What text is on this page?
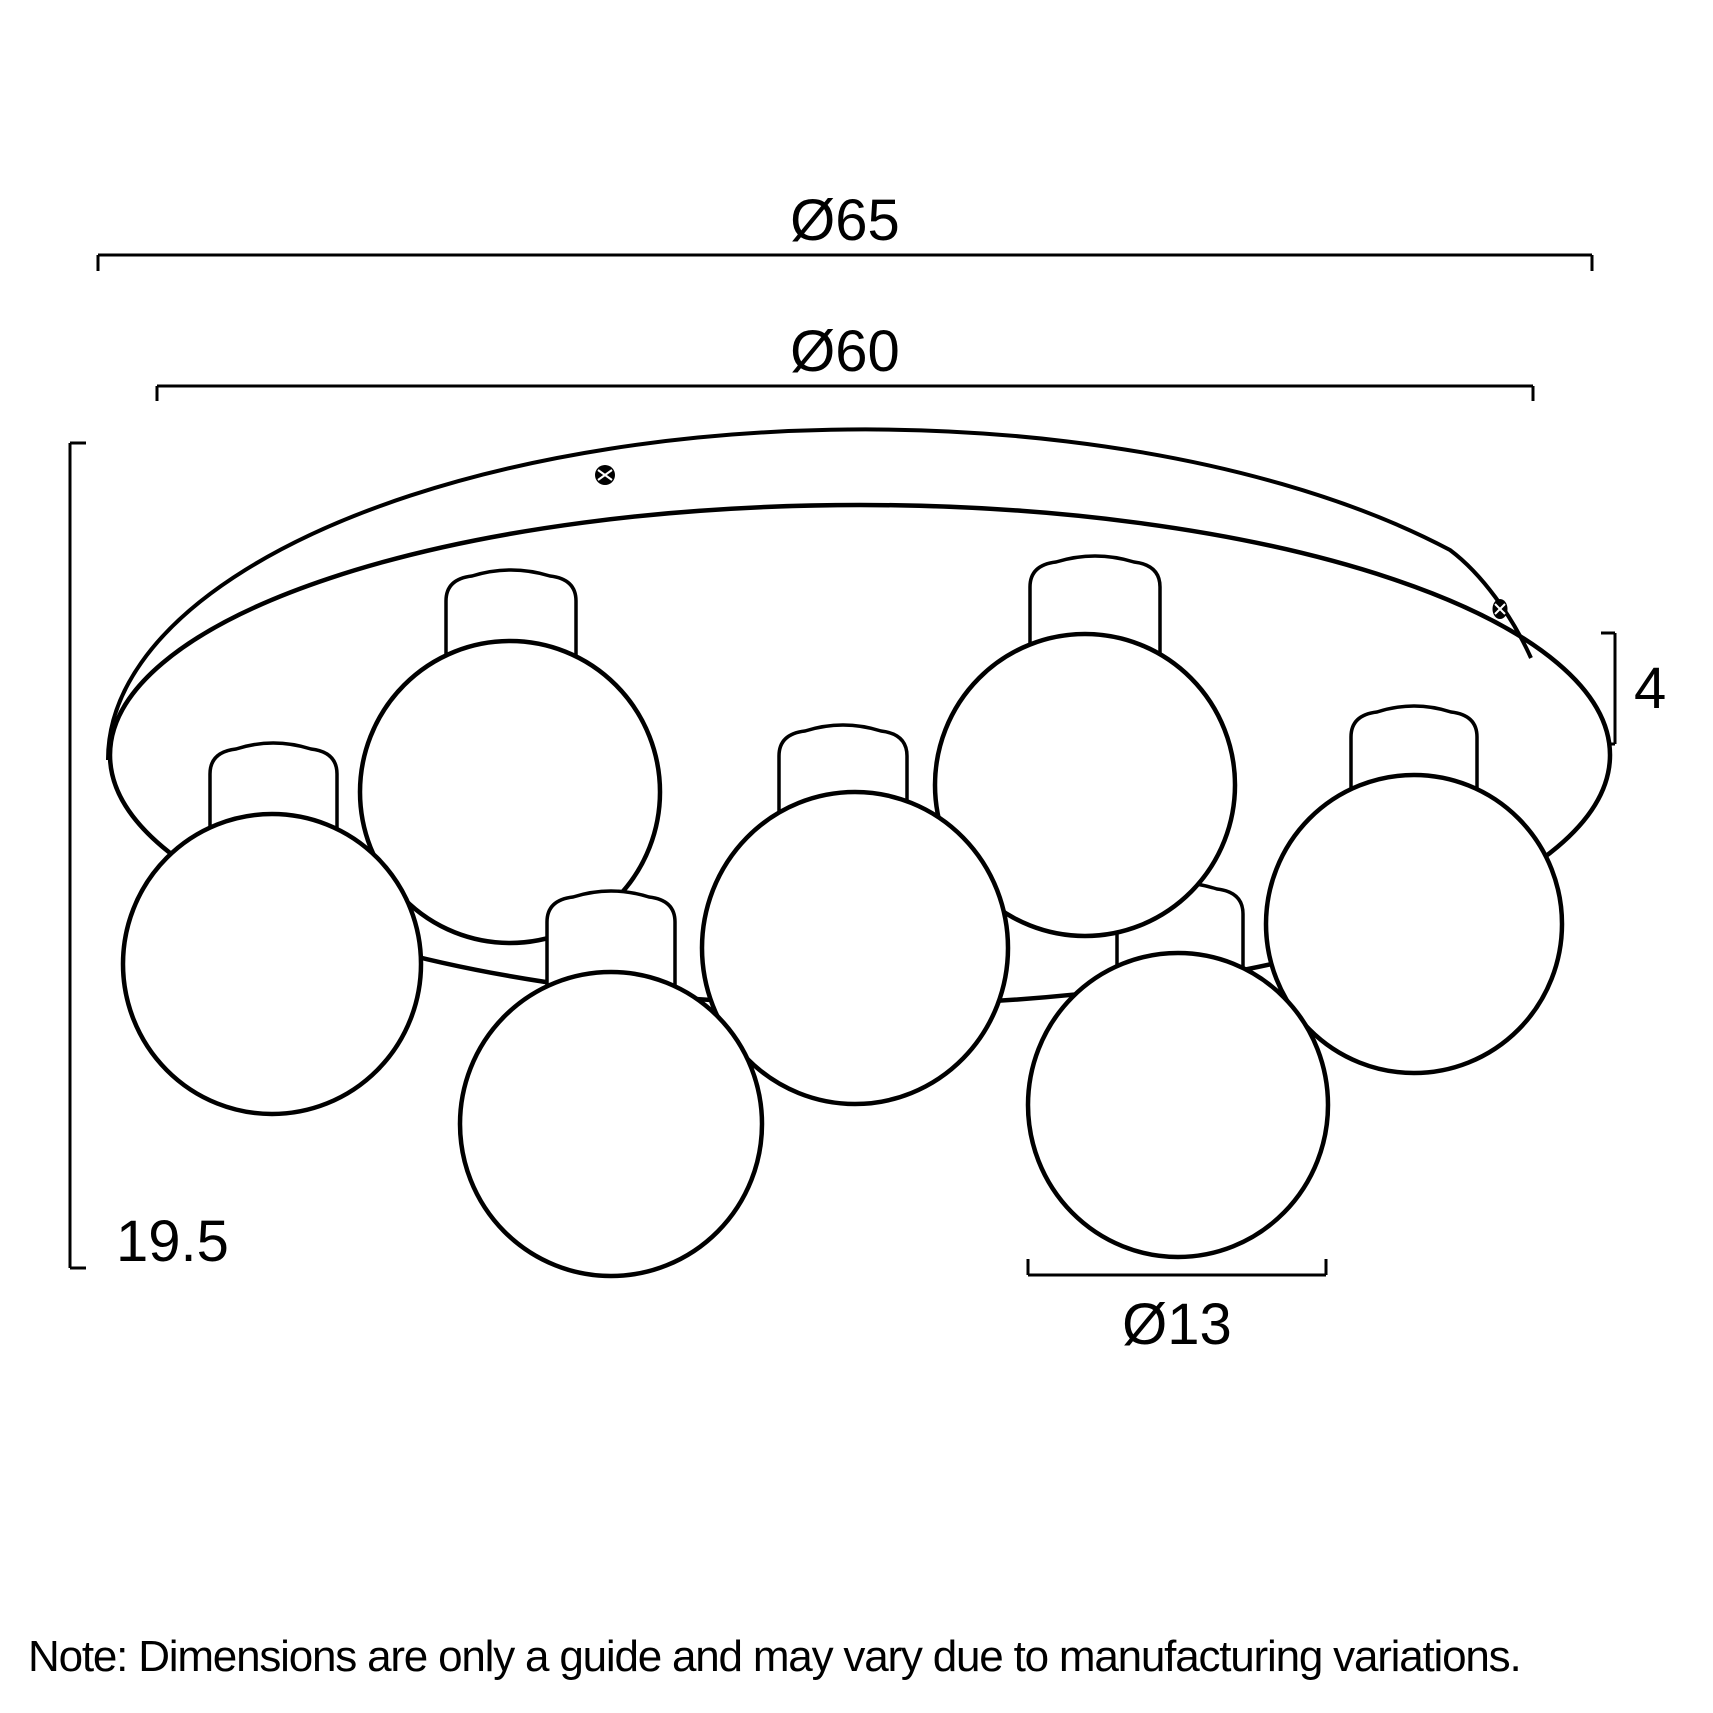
Ø65
Ø60
19.5
4
Ø13
Note: Dimensions are only a guide and may vary due to manufacturing variations.
